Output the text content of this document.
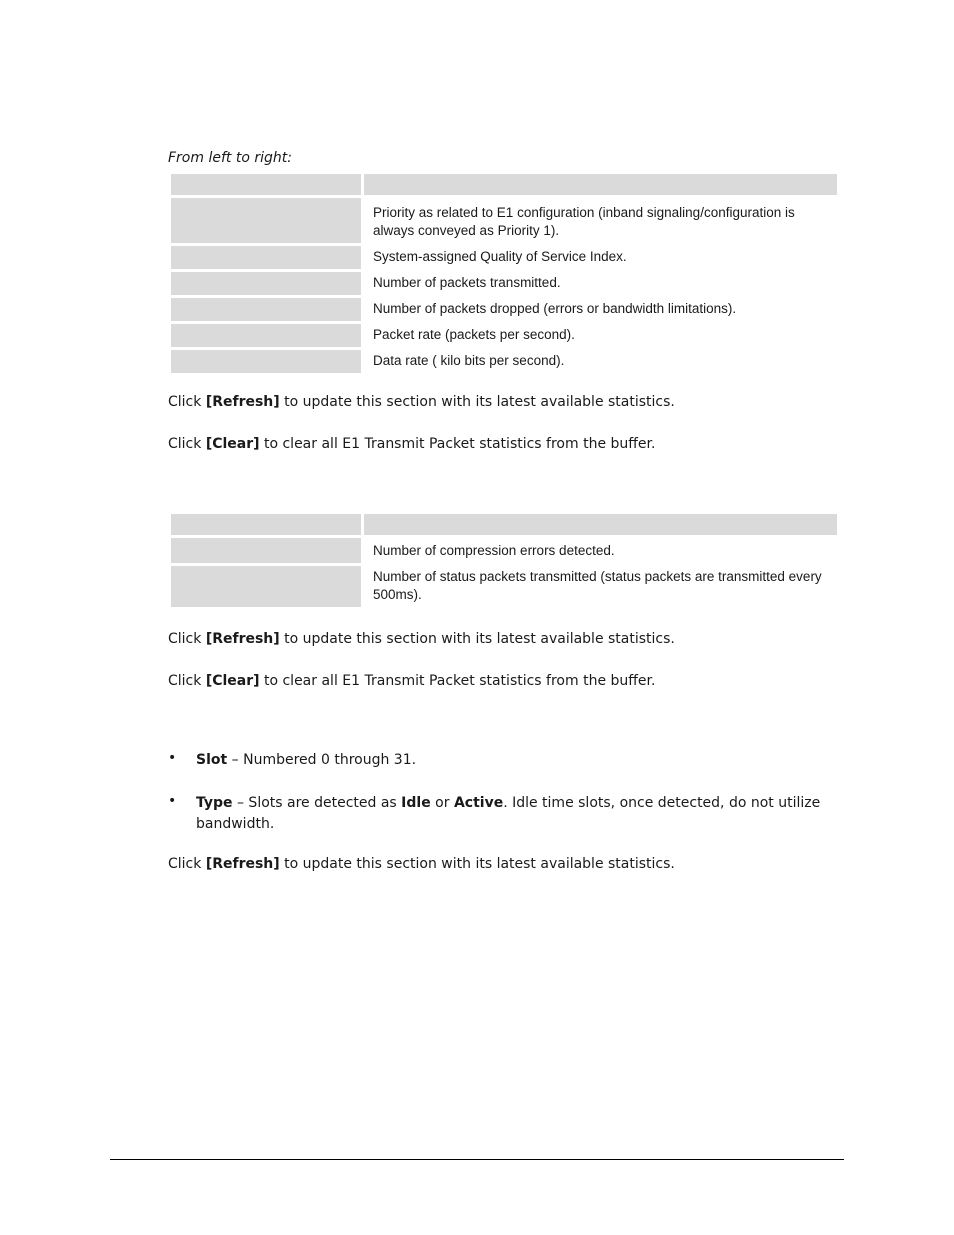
From left to right:

	Priority as related to E1 configuration (inband signaling/configuration is always conveyed as Priority 1).
	System-assigned Quality of Service Index.
	Number of packets transmitted.
	Number of packets dropped (errors or bandwidth limitations).
	Packet rate (packets per second).
	Data rate ( kilo bits per second).
Click [Refresh] to update this section with its latest available statistics.
Click [Clear] to clear all E1 Transmit Packet statistics from the buffer.

	Number of compression errors detected.
	Number of status packets transmitted (status packets are transmitted every 500ms).
Click [Refresh] to update this section with its latest available statistics.
Click [Clear] to clear all E1 Transmit Packet statistics from the buffer.
• Slot – Numbered 0 through 31.
• Type – Slots are detected as Idle or Active. Idle time slots, once detected, do not utilize bandwidth.
Click [Refresh] to update this section with its latest available statistics.
